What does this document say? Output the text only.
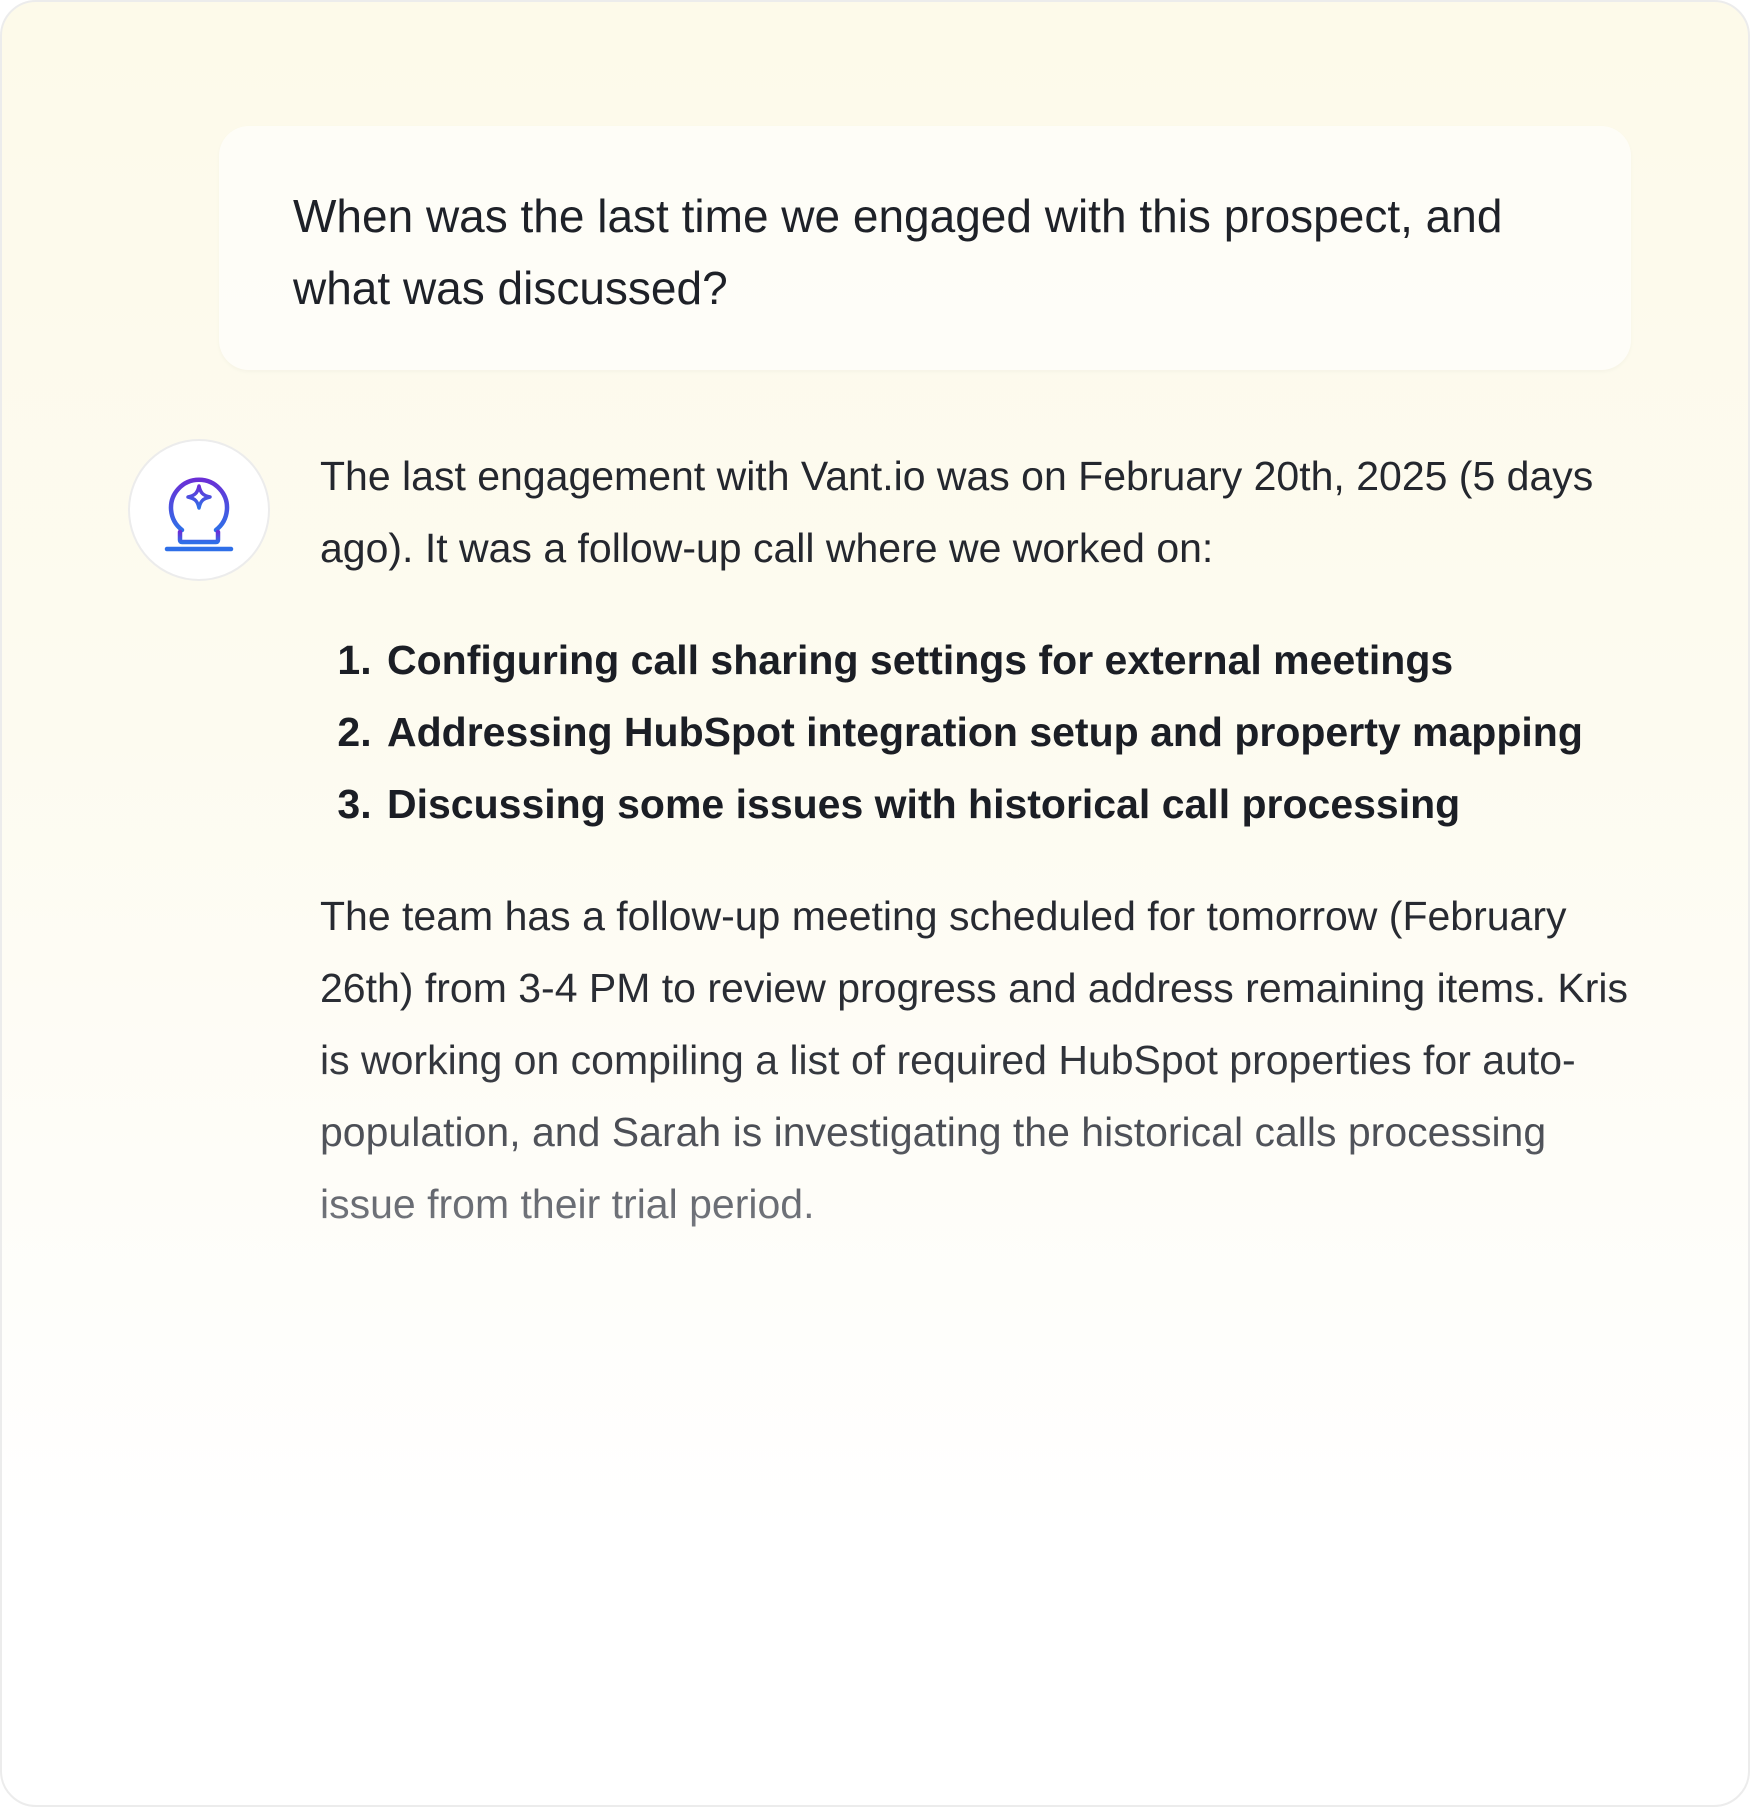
When was the last time we engaged with this prospect, and what was discussed?

The last engagement with Vant.io was on February 20th, 2025 (5 days ago). It was a follow-up call where we worked on:

1. Configuring call sharing settings for external meetings
2. Addressing HubSpot integration setup and property mapping
3. Discussing some issues with historical call processing

The team has a follow-up meeting scheduled for tomorrow (February 26th) from 3-4 PM to review progress and address remaining items. Kris is working on compiling a list of required HubSpot properties for auto-population, and Sarah is investigating the historical calls processing issue from their trial period.
